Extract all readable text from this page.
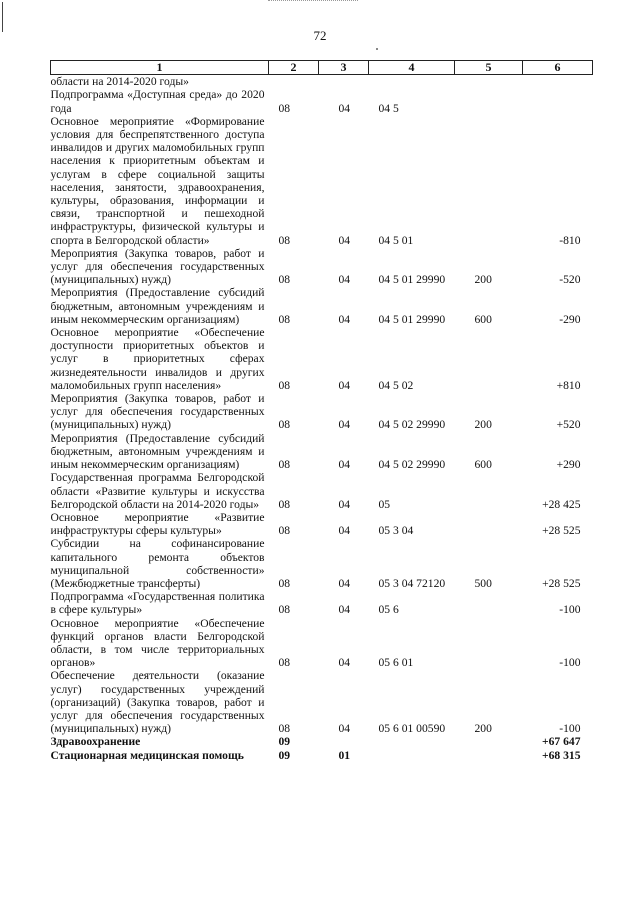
72
1	2	3	4	5	6
области на 2014-2020 годы»					
Подпрограмма «Доступная среда» до 2020 года	08	04	04 5		
Основное мероприятие «Формирование условия для беспрепятственного доступа инвалидов и других маломобильных групп населения к приоритетным объектам и услугам в сфере социальной защиты населения, занятости, здравоохранения, культуры, образования, информации и связи, транспортной и пешеходной инфраструктуры, физической культуры и спорта в Белгородской области»	08	04	04 5 01		-810
Мероприятия (Закупка товаров, работ и услуг для обеспечения государственных (муниципальных) нужд)	08	04	04 5 01 29990	200	-520
Мероприятия (Предоставление субсидий бюджетным, автономным учреждениям и иным некоммерческим организациям)	08	04	04 5 01 29990	600	-290
Основное мероприятие «Обеспечение доступности приоритетных объектов и услуг в приоритетных сферах жизнедеятельности инвалидов и других маломобильных групп населения»	08	04	04 5 02		+810
Мероприятия (Закупка товаров, работ и услуг для обеспечения государственных (муниципальных) нужд)	08	04	04 5 02 29990	200	+520
Мероприятия (Предоставление субсидий бюджетным, автономным учреждениям и иным некоммерческим организациям)	08	04	04 5 02 29990	600	+290
Государственная программа Белгородской области «Развитие культуры и искусства Белгородской области на 2014-2020 годы»	08	04	05		+28 425
Основное мероприятие «Развитие инфраструктуры сферы культуры»	08	04	05 3 04		+28 525
Субсидии на софинансирование капитального ремонта объектов муниципальной собственности» (Межбюджетные трансферты)	08	04	05 3 04 72120	500	+28 525
Подпрограмма «Государственная политика в сфере культуры»	08	04	05 6		-100
Основное мероприятие «Обеспечение функций органов власти Белгородской области, в том числе территориальных органов»	08	04	05 6 01		-100
Обеспечение деятельности (оказание услуг) государственных учреждений (организаций) (Закупка товаров, работ и услуг для обеспечения государственных (муниципальных) нужд)	08	04	05 6 01 00590	200	-100
Здравоохранение	09				+67 647
Стационарная медицинская помощь	09	01			+68 315
